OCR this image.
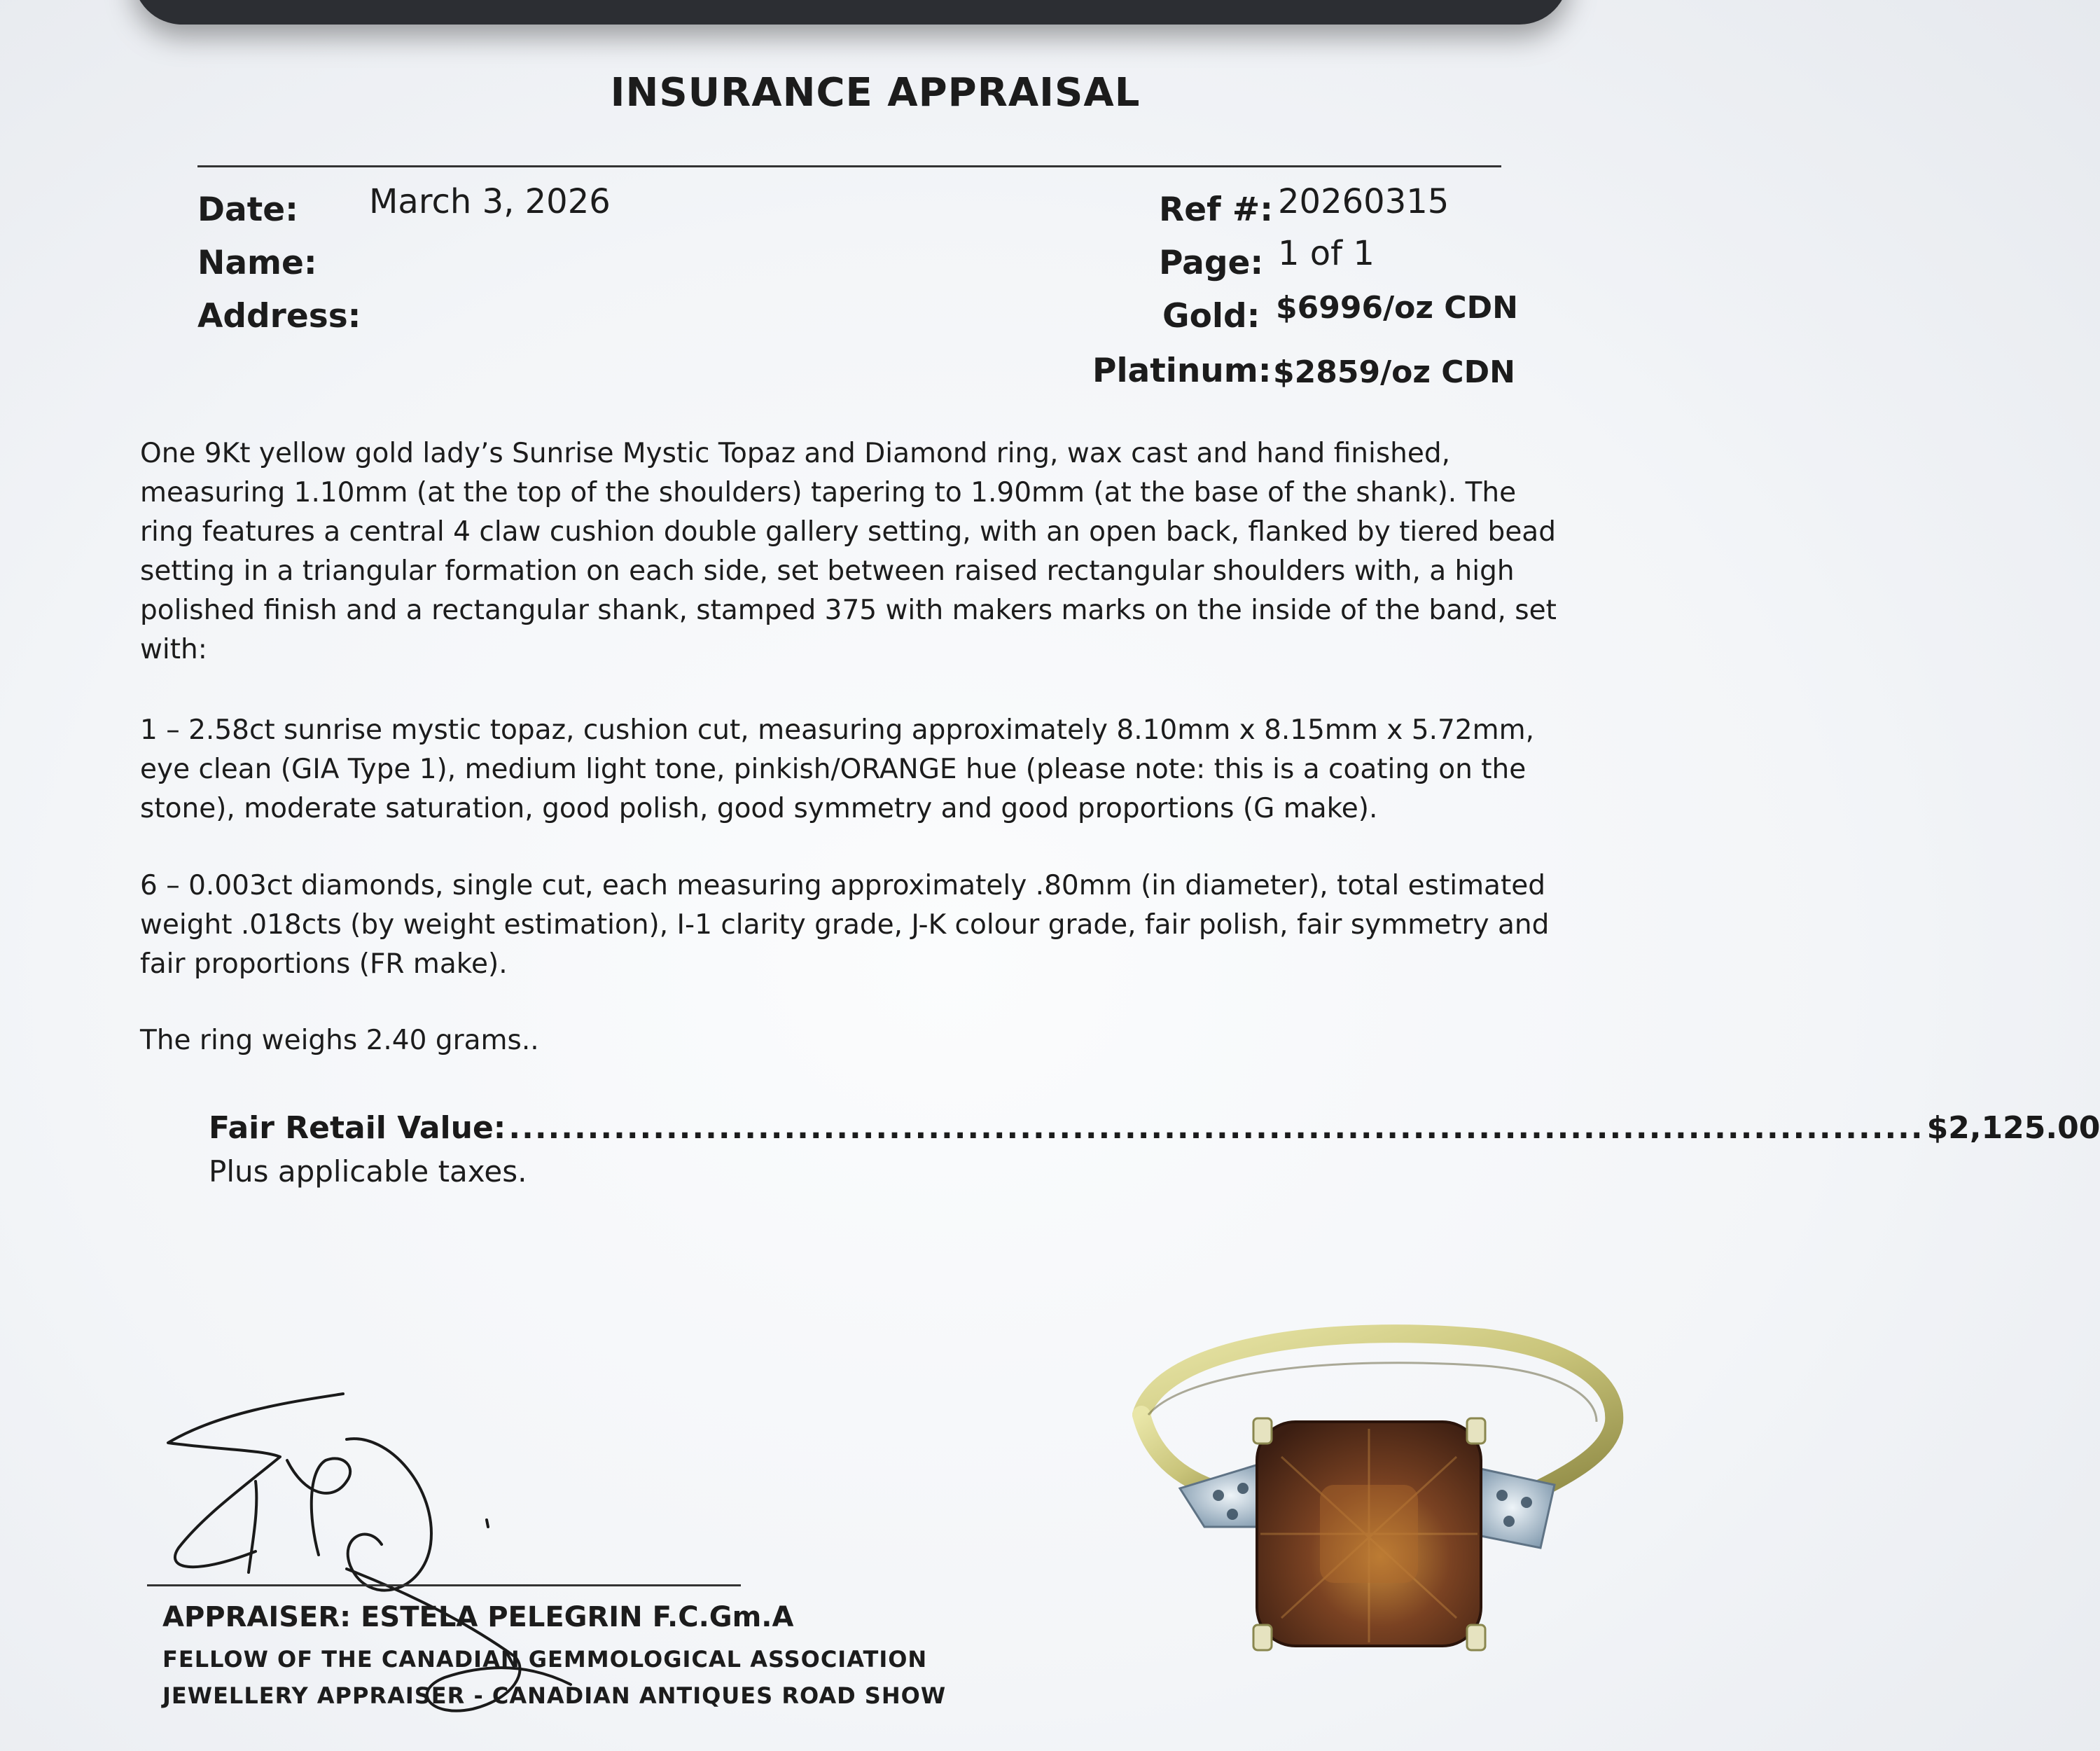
INSURANCE APPRAISAL
Date: March 3, 2026
Name:
Address:
Ref #: 20260315
Page: 1 of 1
Gold: $6996/oz CDN
Platinum: $2859/oz CDN

One 9Kt yellow gold lady’s Sunrise Mystic Topaz and Diamond ring, wax cast and hand finished, measuring 1.10mm (at the top of the shoulders) tapering to 1.90mm (at the base of the shank). The ring features a central 4 claw cushion double gallery setting, with an open back, flanked by tiered bead setting in a triangular formation on each side, set between raised rectangular shoulders with, a high polished finish and a rectangular shank, stamped 375 with makers marks on the inside of the band, set with:

1 – 2.58ct sunrise mystic topaz, cushion cut, measuring approximately 8.10mm x 8.15mm x 5.72mm, eye clean (GIA Type 1), medium light tone, pinkish/ORANGE hue (please note: this is a coating on the stone), moderate saturation, good polish, good symmetry and good proportions (G make).

6 – 0.003ct diamonds, single cut, each measuring approximately .80mm (in diameter), total estimated weight .018cts (by weight estimation), I-1 clarity grade, J-K colour grade, fair polish, fair symmetry and fair proportions (FR make).

The ring weighs 2.40 grams..

Fair Retail Value: ............................................................................................................ $2,125.00
Plus applicable taxes.
APPRAISER: ESTELA PELEGRIN F.C.Gm.A
FELLOW OF THE CANADIAN GEMMOLOGICAL ASSOCIATION
JEWELLERY APPRAISER - CANADIAN ANTIQUES ROAD SHOW
